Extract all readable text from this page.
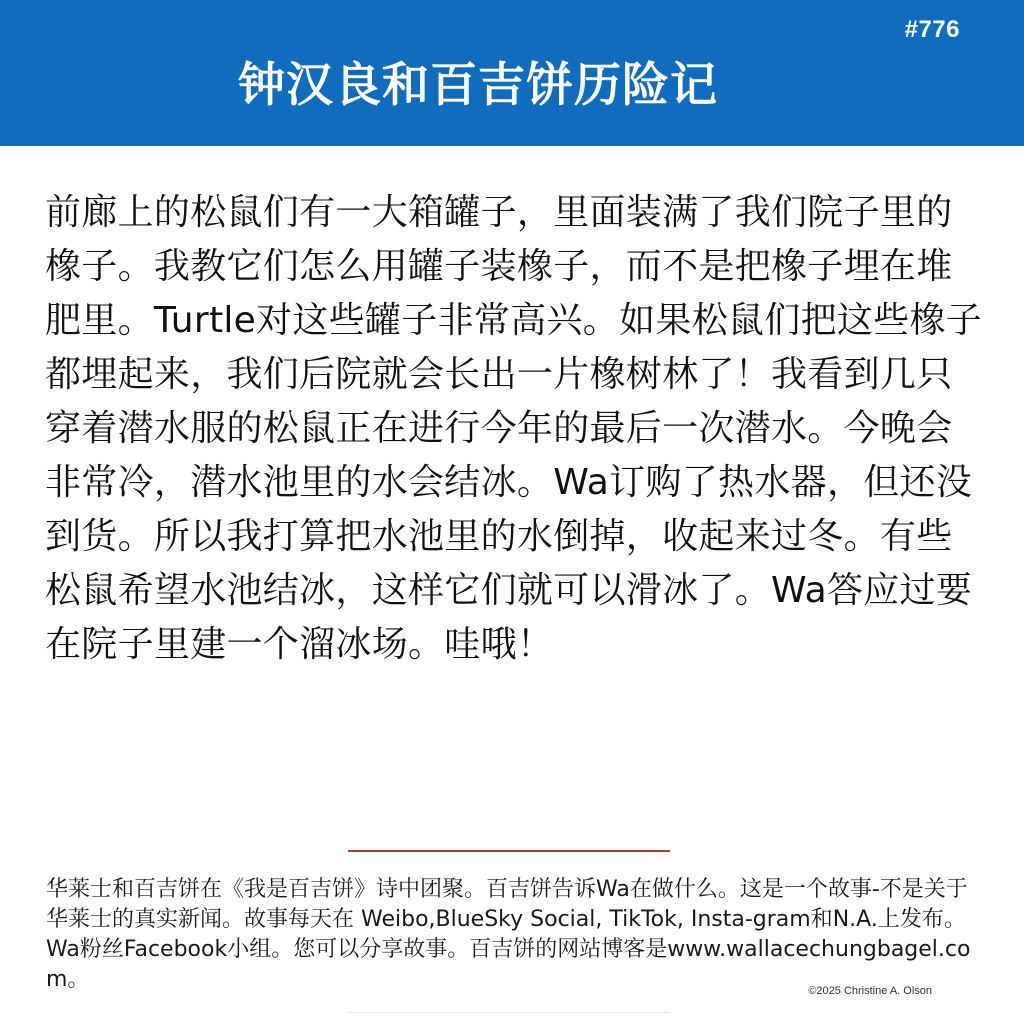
#776
钟汉良和百吉饼历险记
前廊上的松鼠们有一大箱罐子，里面装满了我们院子里的橡子。我教它们怎么用罐子装橡子，而不是把橡子埋在堆肥里。Turtle对这些罐子非常高兴。如果松鼠们把这些橡子都埋起来，我们后院就会长出一片橡树林了！我看到几只穿着潜水服的松鼠正在进行今年的最后一次潜水。今晚会非常冷，潜水池里的水会结冰。Wa订购了热水器，但还没到货。所以我打算把水池里的水倒掉，收起来过冬。有些松鼠希望水池结冰，这样它们就可以滑冰了。Wa答应过要在院子里建一个溜冰场。哇哦！
华莱士和百吉饼在《我是百吉饼》诗中团聚。百吉饼告诉Wa在做什么。这是一个故事-不是关于华莱士的真实新闻。故事每天在 Weibo,BlueSky Social, TikTok, Insta-gram和N.A.上发布。Wa粉丝Facebook小组。您可以分享故事。百吉饼的网站博客是www.wallacechungbagel.com。	©2025 Christine A. Olson
